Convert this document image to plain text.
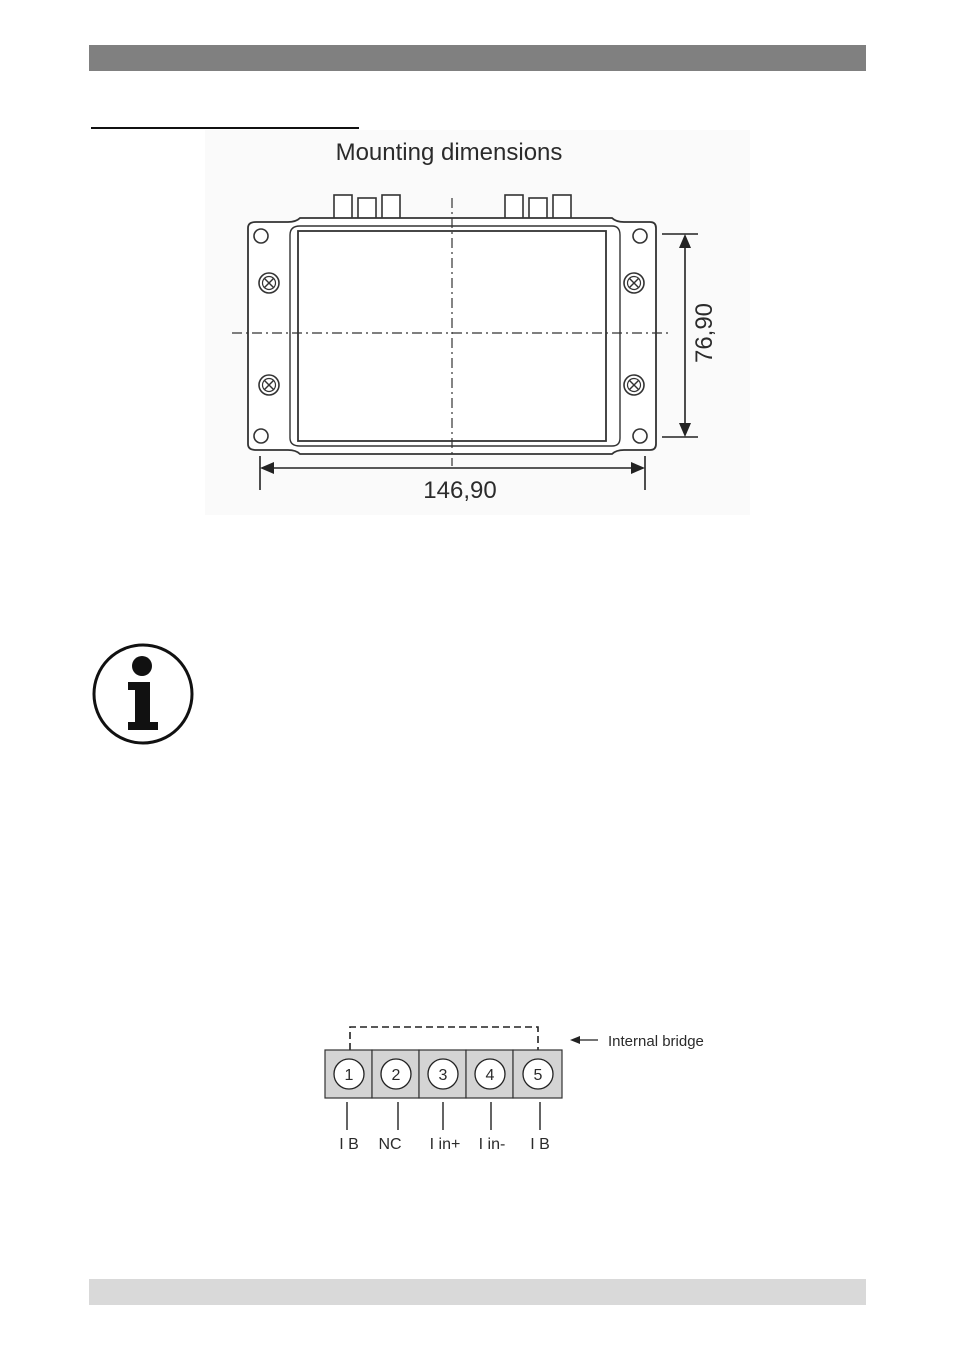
Mounting dimensions
146,90
76,90
Internal bridge
1
I B
2
NC
3
I in+
4
I in-
5
I B
